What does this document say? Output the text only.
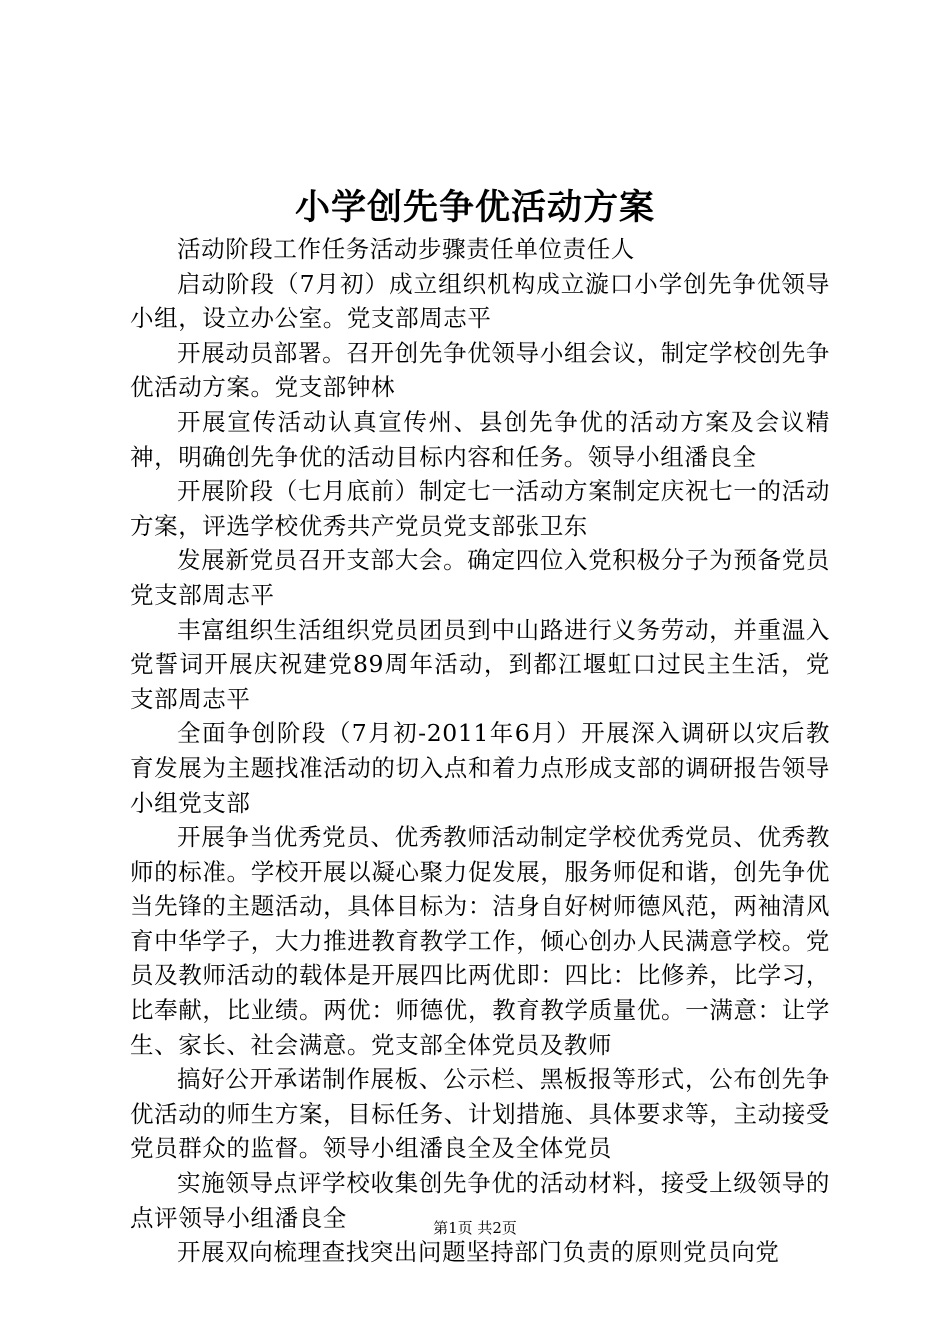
小学创先争优活动方案

活动阶段工作任务活动步骤责任单位责任人

启动阶段（7月初）成立组织机构成立漩口小学创先争优领导小组，设立办公室。党支部周志平

开展动员部署。召开创先争优领导小组会议，制定学校创先争优活动方案。党支部钟林

开展宣传活动认真宣传州、县创先争优的活动方案及会议精神，明确创先争优的活动目标内容和任务。领导小组潘良全

开展阶段（七月底前）制定七一活动方案制定庆祝七一的活动方案，评选学校优秀共产党员党支部张卫东

发展新党员召开支部大会。确定四位入党积极分子为预备党员党支部周志平

丰富组织生活组织党员团员到中山路进行义务劳动，并重温入党誓词开展庆祝建党89周年活动，到都江堰虹口过民主生活，党支部周志平

全面争创阶段（7月初-2011年6月）开展深入调研以灾后教育发展为主题找准活动的切入点和着力点形成支部的调研报告领导小组党支部

开展争当优秀党员、优秀教师活动制定学校优秀党员、优秀教师的标准。学校开展以凝心聚力促发展，服务师促和谐，创先争优当先锋的主题活动，具体目标为：洁身自好树师德风范，两袖清风育中华学子，大力推进教育教学工作，倾心创办人民满意学校。党员及教师活动的载体是开展四比两优即：四比：比修养，比学习，比奉献，比业绩。两优：师德优，教育教学质量优。一满意：让学生、家长、社会满意。党支部全体党员及教师

搞好公开承诺制作展板、公示栏、黑板报等形式，公布创先争优活动的师生方案，目标任务、计划措施、具体要求等，主动接受党员群众的监督。领导小组潘良全及全体党员

实施领导点评学校收集创先争优的活动材料，接受上级领导的点评领导小组潘良全

开展双向梳理查找突出问题坚持部门负责的原则党员向党

第1页 共2页
